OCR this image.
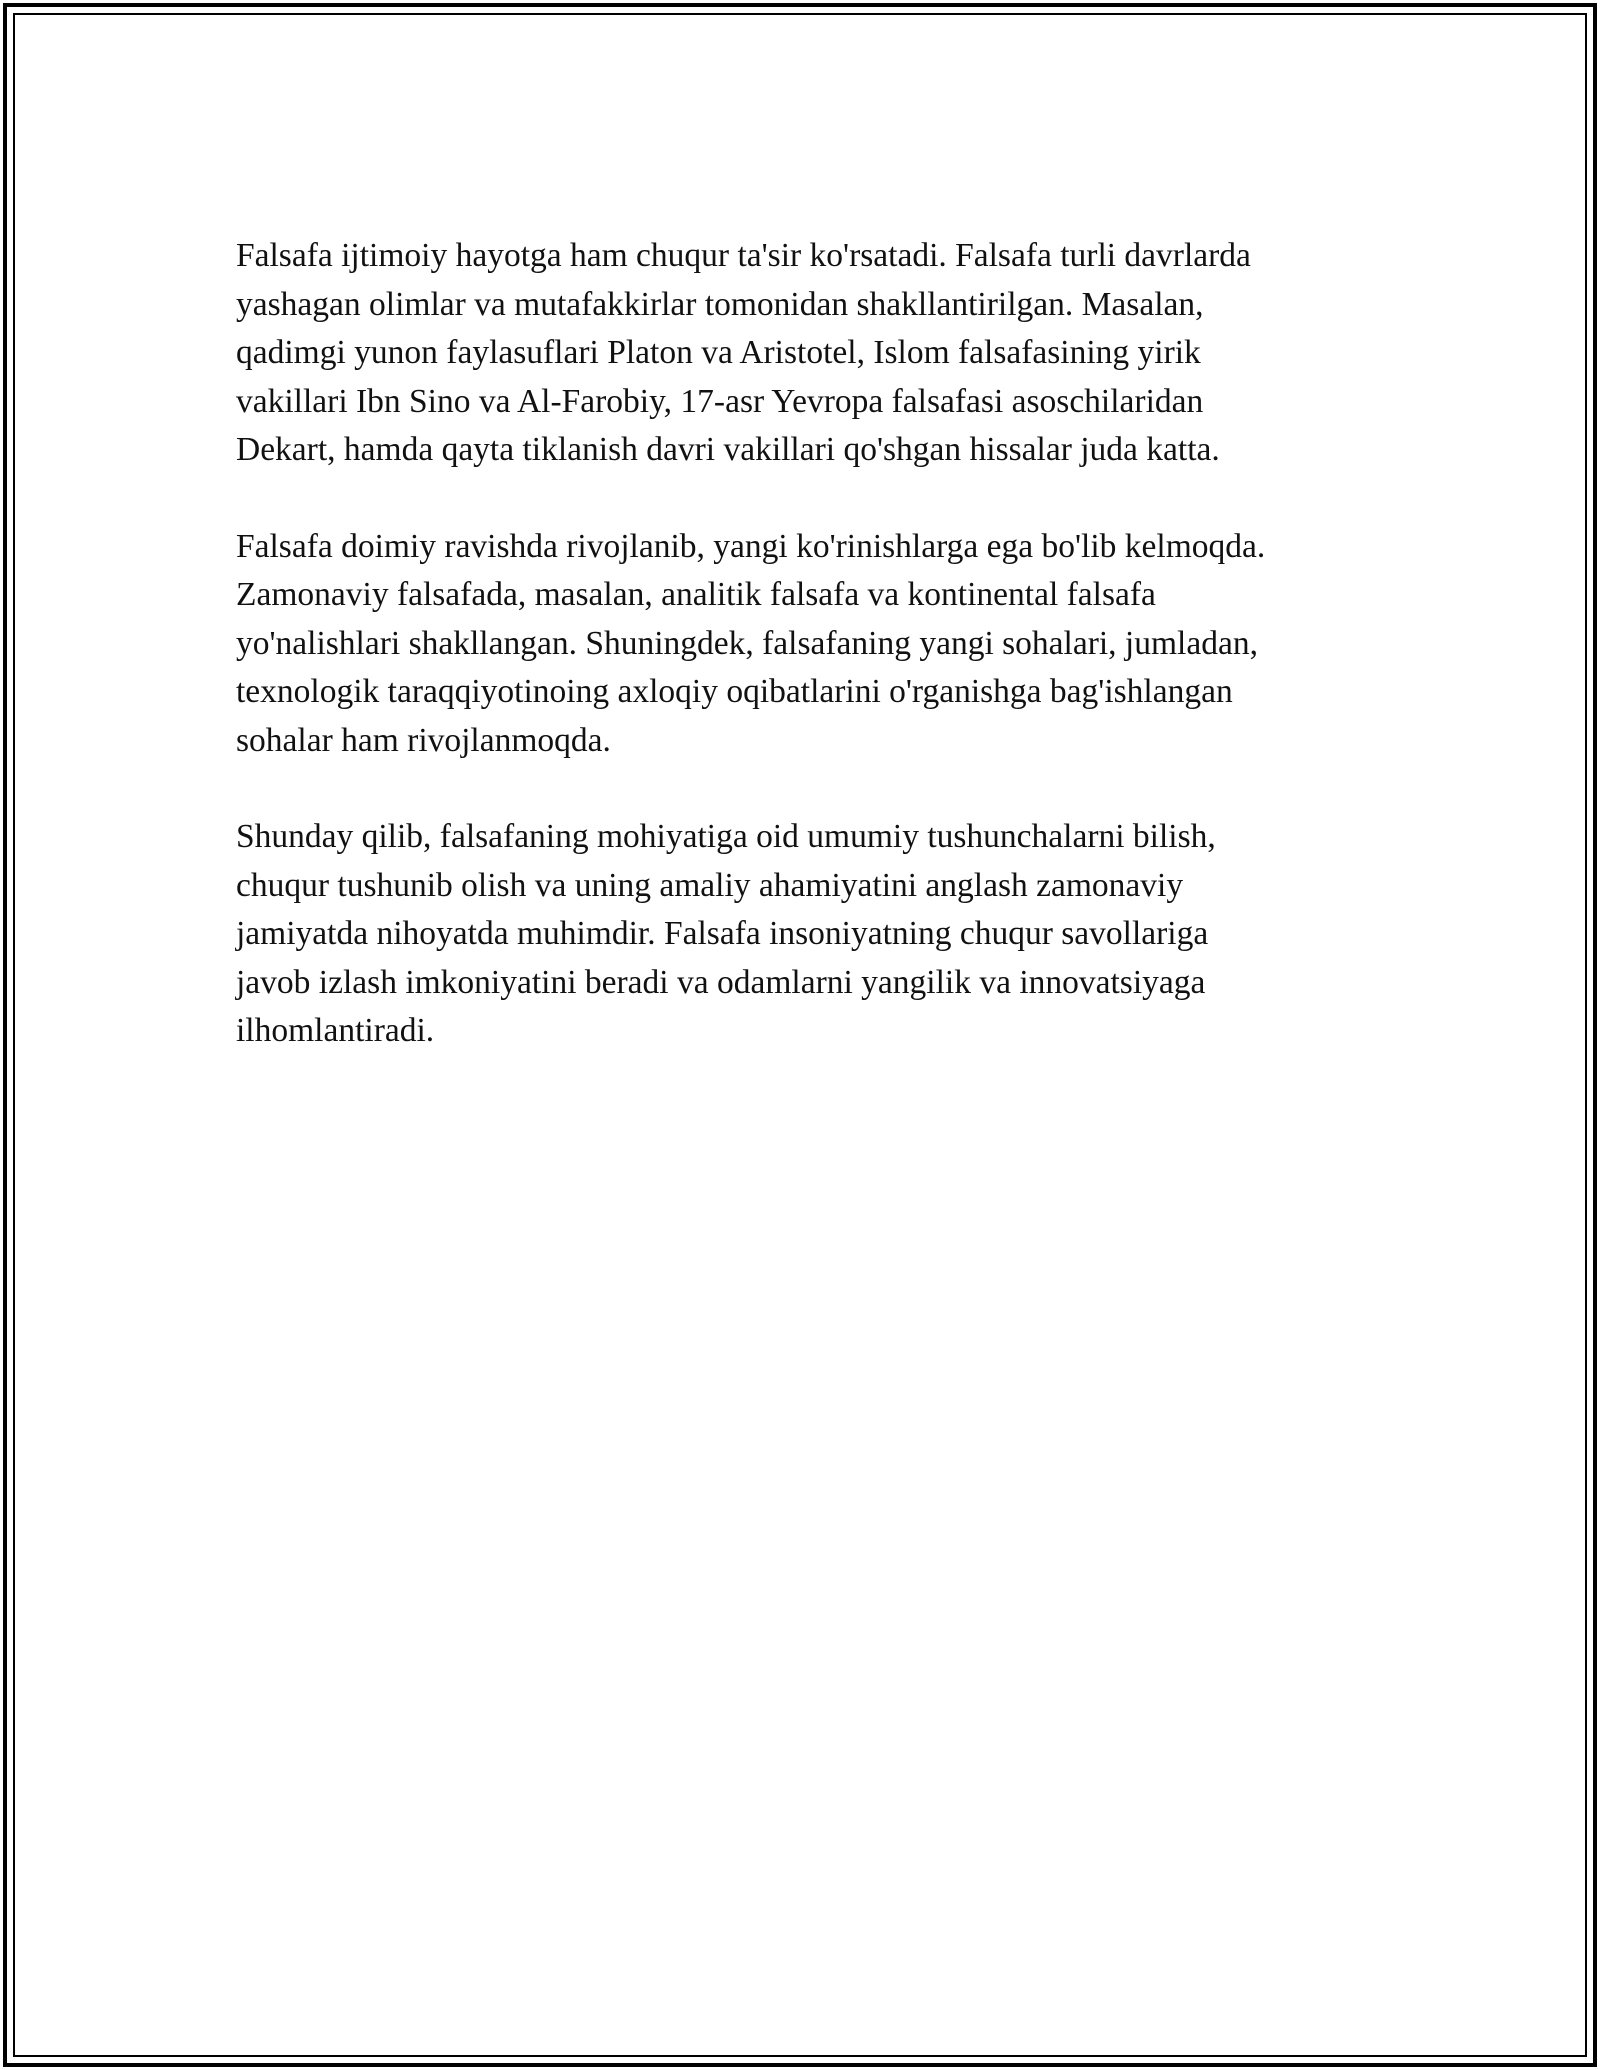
Falsafa ijtimoiy hayotga ham chuqur ta'sir ko'rsatadi. Falsafa turli davrlarda
yashagan olimlar va mutafakkirlar tomonidan shakllantirilgan. Masalan,
qadimgi yunon faylasuflari Platon va Aristotel, Islom falsafasining yirik
vakillari Ibn Sino va Al-Farobiy, 17-asr Yevropa falsafasi asoschilaridan
Dekart, hamda qayta tiklanish davri vakillari qo'shgan hissalar juda katta.

Falsafa doimiy ravishda rivojlanib, yangi ko'rinishlarga ega bo'lib kelmoqda.
Zamonaviy falsafada, masalan, analitik falsafa va kontinental falsafa
yo'nalishlari shakllangan. Shuningdek, falsafaning yangi sohalari, jumladan,
texnologik taraqqiyotinoing axloqiy oqibatlarini o'rganishga bag'ishlangan
sohalar ham rivojlanmoqda.

Shunday qilib, falsafaning mohiyatiga oid umumiy tushunchalarni bilish,
chuqur tushunib olish va uning amaliy ahamiyatini anglash zamonaviy
jamiyatda nihoyatda muhimdir. Falsafa insoniyatning chuqur savollariga
javob izlash imkoniyatini beradi va odamlarni yangilik va innovatsiyaga
ilhomlantiradi.
